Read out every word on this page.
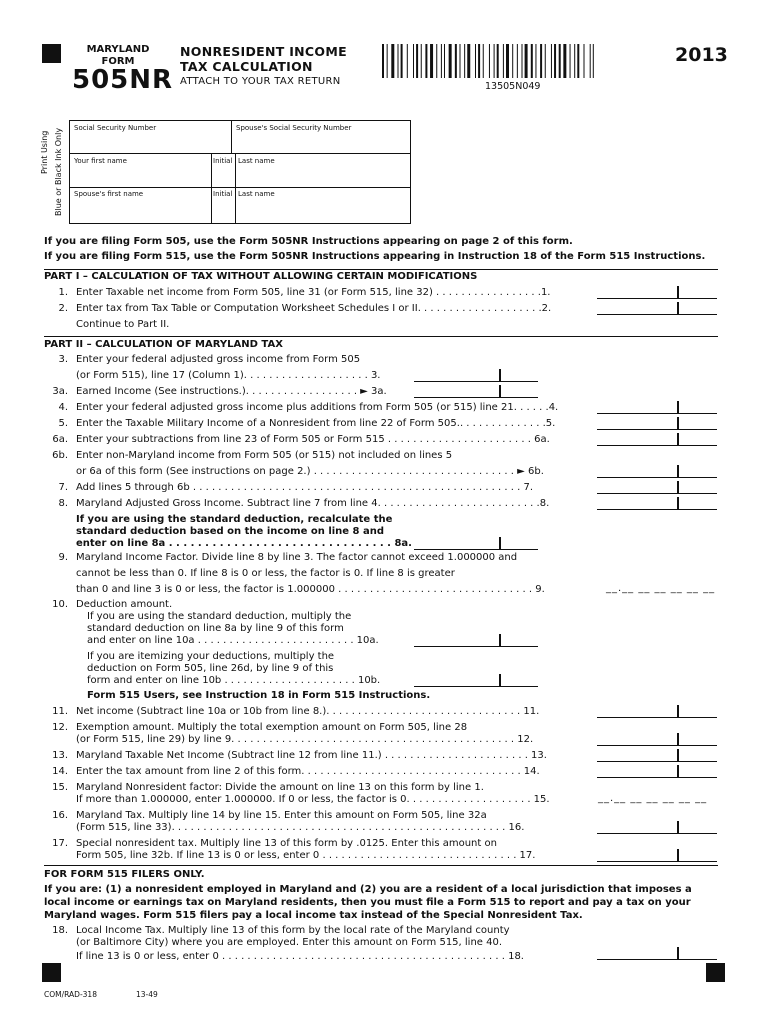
MARYLAND
FORM
505NR
NONRESIDENT INCOME
TAX CALCULATION
ATTACH TO YOUR TAX RETURN	13505N049
2013
Print Using Blue or Black Ink Only Social Security Number	Spouse's Social Security Number
Your first name	Initial Last name
Spouse's first name	Initial Last name
If you are filing Form 505, use the Form 505NR Instructions appearing on page 2 of this form.
If you are filing Form 515, use the Form 505NR Instructions appearing in Instruction 18 of the Form 515 Instructions.
PART I – CALCULATION OF TAX WITHOUT ALLOWING CERTAIN MODIFICATIONS
1. Enter Taxable net income from Form 505, line 31 (or Form 515, line 32) . . . . . . . . . . . . . . . . .1.
2. Enter tax from Tax Table or Computation Worksheet Schedules I or II. . . . . . . . . . . . . . . . . . . .2.
Continue to Part II.
PART II – CALCULATION OF MARYLAND TAX
3. Enter your federal adjusted gross income from Form 505
(or Form 515), line 17 (Column 1). . . . . . . . . . . . . . . . . . . . 3.
3a. Earned Income (See instructions.). . . . . . . . . . . . . . . . . . ► 3a.
4. Enter your federal adjusted gross income plus additions from Form 505 (or 515) line 21. . . . . .4.
5. Enter the Taxable Military Income of a Nonresident from line 22 of Form 505.. . . . . . . . . . . . . .5.
6a. Enter your subtractions from line 23 of Form 505 or Form 515 . . . . . . . . . . . . . . . . . . . . . . . 6a.
6b. Enter non-Maryland income from Form 505 (or 515) not included on lines 5
or 6a of this form (See instructions on page 2.) . . . . . . . . . . . . . . . . . . . . . . . . . . . . . . . . ► 6b.
7. Add lines 5 through 6b . . . . . . . . . . . . . . . . . . . . . . . . . . . . . . . . . . . . . . . . . . . . . . . . . . . . 7.
8. Maryland Adjusted Gross Income. Subtract line 7 from line 4. . . . . . . . . . . . . . . . . . . . . . . . . .8.
If you are using the standard deduction, recalculate the
standard deduction based on the income on line 8 and
enter on line 8a . . . . . . . . . . . . . . . . . . . . . . . . . . . . . . . 8a.
9. Maryland Income Factor. Divide line 8 by line 3. The factor cannot exceed 1.000000 and
cannot be less than 0. If line 8 is 0 or less, the factor is 0. If line 8 is greater
than 0 and line 3 is 0 or less, the factor is 1.000000 . . . . . . . . . . . . . . . . . . . . . . . . . . . . . . . 9.	__.__ __ __ __ __ __
10. Deduction amount.
If you are using the standard deduction, multiply the
standard deduction on line 8a by line 9 of this form
and enter on line 10a . . . . . . . . . . . . . . . . . . . . . . . . . 10a.
If you are itemizing your deductions, multiply the
deduction on Form 505, line 26d, by line 9 of this
form and enter on line 10b . . . . . . . . . . . . . . . . . . . . . 10b.
Form 515 Users, see Instruction 18 in Form 515 Instructions.
11. Net income (Subtract line 10a or 10b from line 8.). . . . . . . . . . . . . . . . . . . . . . . . . . . . . . . 11.
12. Exemption amount. Multiply the total exemption amount on Form 505, line 28
(or Form 515, line 29) by line 9. . . . . . . . . . . . . . . . . . . . . . . . . . . . . . . . . . . . . . . . . . . . . 12.
13. Maryland Taxable Net Income (Subtract line 12 from line 11.) . . . . . . . . . . . . . . . . . . . . . . . 13.
14. Enter the tax amount from line 2 of this form. . . . . . . . . . . . . . . . . . . . . . . . . . . . . . . . . . . 14.
15. Maryland Nonresident factor: Divide the amount on line 13 on this form by line 1.
If more than 1.000000, enter 1.000000. If 0 or less, the factor is 0. . . . . . . . . . . . . . . . . . . . 15.	__.__ __ __ __ __ __
16. Maryland Tax. Multiply line 14 by line 15. Enter this amount on Form 505, line 32a
(Form 515, line 33). . . . . . . . . . . . . . . . . . . . . . . . . . . . . . . . . . . . . . . . . . . . . . . . . . . . . 16.
17. Special nonresident tax. Multiply line 13 of this form by .0125. Enter this amount on
Form 505, line 32b. If line 13 is 0 or less, enter 0 . . . . . . . . . . . . . . . . . . . . . . . . . . . . . . . 17.
FOR FORM 515 FILERS ONLY.
If you are: (1) a nonresident employed in Maryland and (2) you are a resident of a local jurisdiction that imposes a
local income or earnings tax on Maryland residents, then you must file a Form 515 to report and pay a tax on your
Maryland wages. Form 515 filers pay a local income tax instead of the Special Nonresident Tax.
18. Local Income Tax. Multiply line 13 of this form by the local rate of the Maryland county
(or Baltimore City) where you are employed. Enter this amount on Form 515, line 40.
If line 13 is 0 or less, enter 0 . . . . . . . . . . . . . . . . . . . . . . . . . . . . . . . . . . . . . . . . . . . . . 18.
COM/RAD-318	13-49
